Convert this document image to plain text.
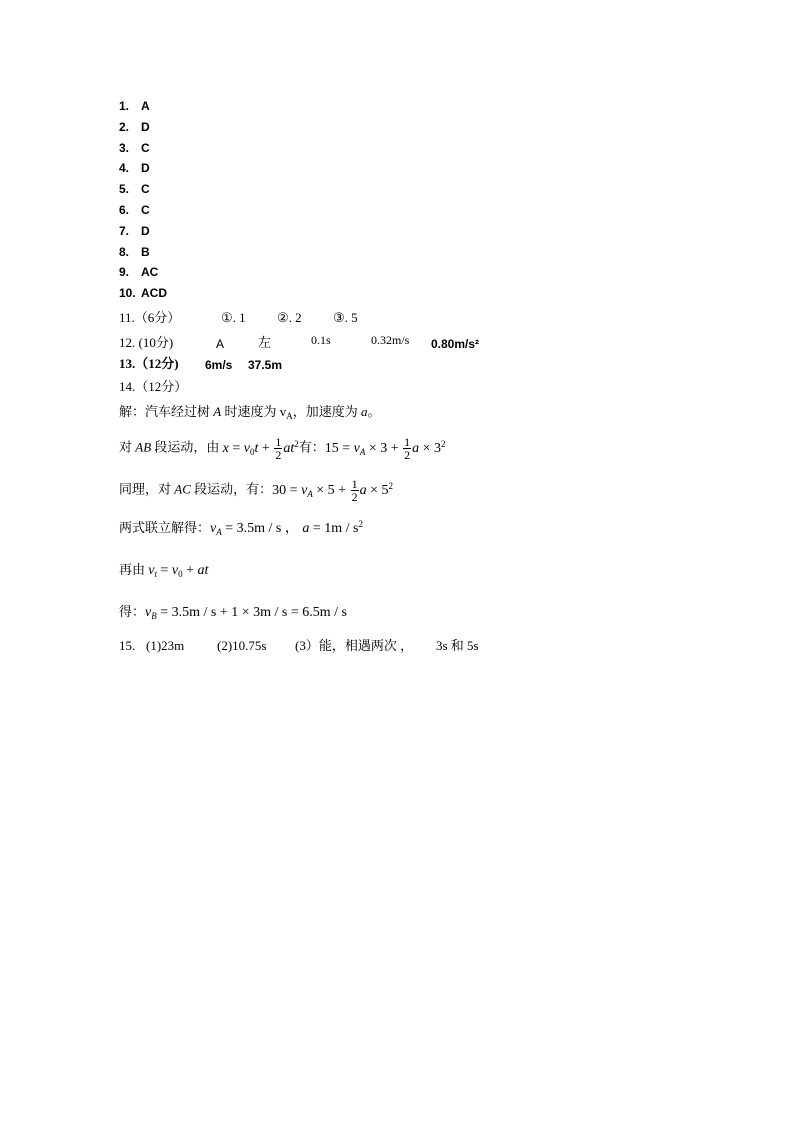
1. A
2. D
3. C
4. D
5. C
6. C
7. D
8. B
9. AC
10. ACD
11.（6分）	①. 1 ②. 2 ③. 5
12. (10分)	A	左	0.1s	0.32m/s 0.80m/s²
13.（12分) 6m/s 37.5m
14.（12分）
解：汽车经过树 A 时速度为 $v_A$，加速度为 a。
对 AB 段运动，由 $x = v_0t + \frac{1}{2} at^2$有：$15 = v_A \times 3 + \frac{1}{2}$ $a \times 3^2$
同理，对 AC 段运动，有：$30 = v_A \times 5 + \frac{1}{2}$ $a \times 5^2$
两式联立解得：$v_A = 3.5m / s$ ， $a = 1m / s^2$
再由 $v_t = v_0$ + at
得：$v_B = 3.5m / s + 1 \times 3m / s = 6.5m / s$
15. (1)23m	(2)10.75s (3）能，相遇两次 ， 3s 和 5s
